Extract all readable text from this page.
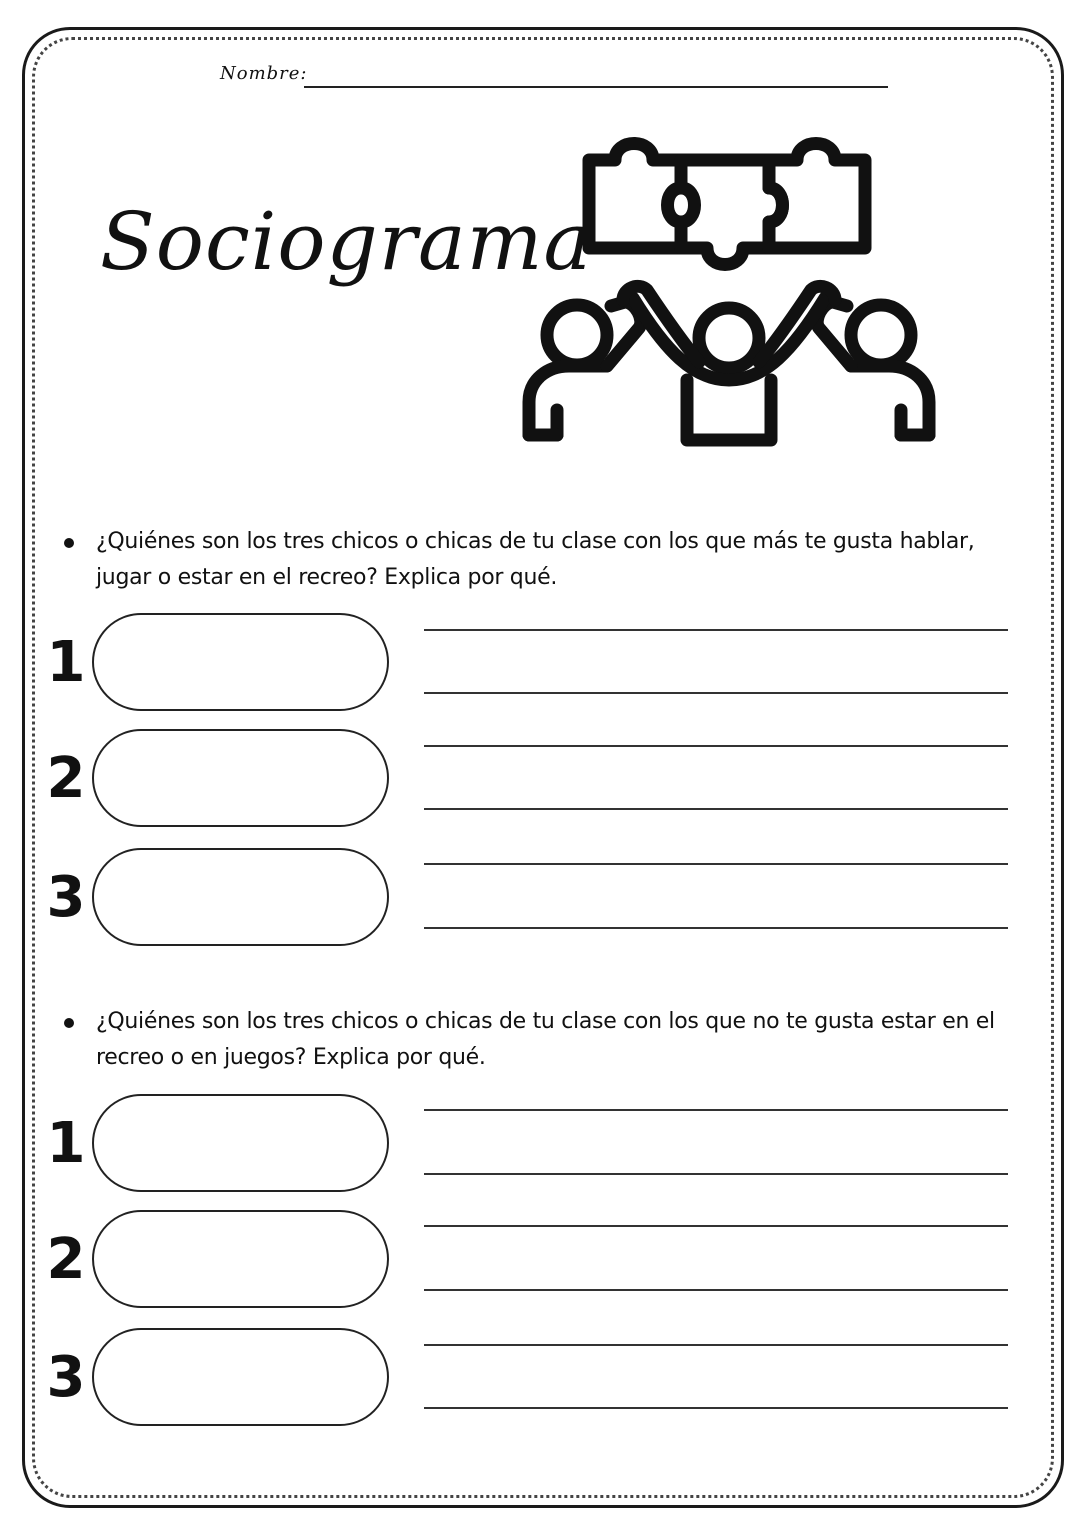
Nombre:
Sociograma
¿Quiénes son los tres chicos o chicas de tu clase con los que más te gusta hablar, jugar o estar en el recreo? Explica por qué.
1
2
3
¿Quiénes son los tres chicos o chicas de tu clase con los que no te gusta estar en el recreo o en juegos? Explica por qué.
1
2
3
